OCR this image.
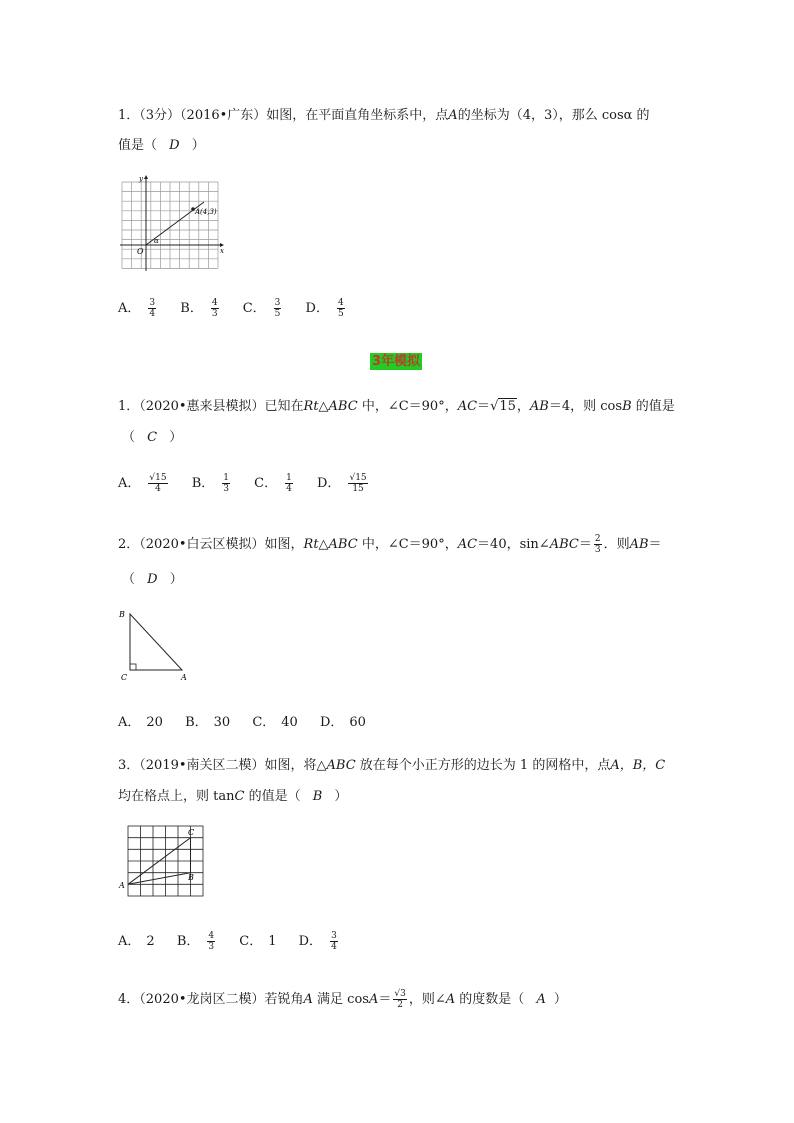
1．（3分）（2016•广东）如图，在平面直角坐标系中，点A的坐标为（4，3），那么 cosα 的
值是（ D ）
A(4,3)
O	x
y
α
A． $\frac{3}{4}$ B． $\frac{4}{3}$ C． $\frac{3}{5}$ D． $\frac{4}{5}$
3年模拟
1．（2020•惠来县模拟）已知在Rt△ABC 中，∠C＝90°，AC＝√15，AB＝4，则 cosB 的值是
（ C ）
A． $\frac{√15}{4}$ B． $\frac{1}{3}$ C． $\frac{1}{4}$ D． $\frac{√15}{15}$
2．（2020•白云区模拟）如图，Rt△ABC 中，∠C＝90°，AC＝40，sin∠ABC＝ $\frac{2}{3}$ ．则AB＝
（ D ）
B
C	A
A． 20 B． 30 C． 40 D． 60
3．（2019•南关区二模）如图，将△ABC 放在每个小正方形的边长为 1 的网格中，点A，B，C
均在格点上，则 tanC 的值是（ B ）
A
B
C
A． 2 B． $\frac{4}{3}$ C． 1 D． $\frac{3}{4}$
4．（2020•龙岗区二模）若锐角A 满足 $\cos A= \frac{√3}{2}$ ，则∠A 的度数是（ A ）
